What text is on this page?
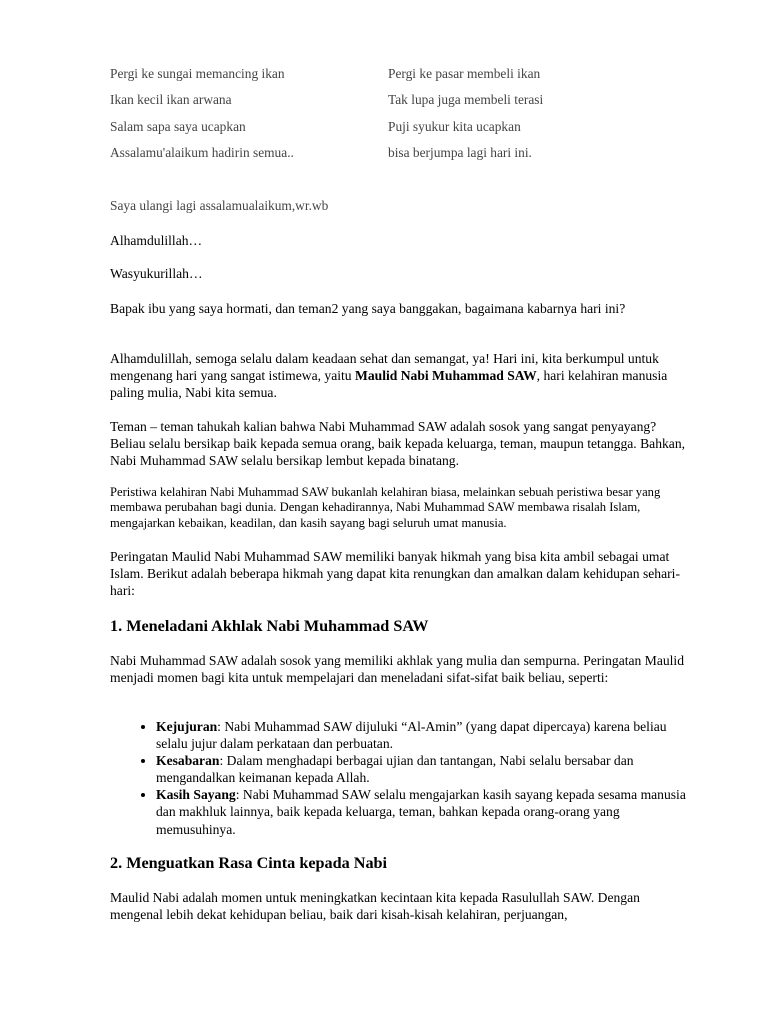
Pergi ke sungai memancing ikan	Pergi ke pasar membeli ikan
Ikan kecil ikan arwana	Tak lupa juga membeli terasi
Salam sapa saya ucapkan	Puji syukur kita ucapkan
Assalamu'alaikum hadirin semua..	bisa berjumpa lagi hari ini.
Saya ulangi lagi assalamualaikum,wr.wb
Alhamdulillah…
Wasyukurillah…

Bapak ibu yang saya hormati, dan teman2 yang saya banggakan, bagaimana kabarnya hari ini?

Alhamdulillah, semoga selalu dalam keadaan sehat dan semangat, ya! Hari ini, kita berkumpul untuk mengenang hari yang sangat istimewa, yaitu Maulid Nabi Muhammad SAW, hari kelahiran manusia paling mulia, Nabi kita semua.

Teman – teman tahukah kalian bahwa Nabi Muhammad SAW adalah sosok yang sangat penyayang? Beliau selalu bersikap baik kepada semua orang, baik kepada keluarga, teman, maupun tetangga. Bahkan, Nabi Muhammad SAW selalu bersikap lembut kepada binatang.

Peristiwa kelahiran Nabi Muhammad SAW bukanlah kelahiran biasa, melainkan sebuah peristiwa besar yang membawa perubahan bagi dunia. Dengan kehadirannya, Nabi Muhammad SAW membawa risalah Islam, mengajarkan kebaikan, keadilan, dan kasih sayang bagi seluruh umat manusia.

Peringatan Maulid Nabi Muhammad SAW memiliki banyak hikmah yang bisa kita ambil sebagai umat Islam. Berikut adalah beberapa hikmah yang dapat kita renungkan dan amalkan dalam kehidupan sehari-hari:

1. Meneladani Akhlak Nabi Muhammad SAW

Nabi Muhammad SAW adalah sosok yang memiliki akhlak yang mulia dan sempurna. Peringatan Maulid menjadi momen bagi kita untuk mempelajari dan meneladani sifat-sifat baik beliau, seperti:

• Kejujuran: Nabi Muhammad SAW dijuluki “Al-Amin” (yang dapat dipercaya) karena beliau selalu jujur dalam perkataan dan perbuatan.
• Kesabaran: Dalam menghadapi berbagai ujian dan tantangan, Nabi selalu bersabar dan mengandalkan keimanan kepada Allah.
• Kasih Sayang: Nabi Muhammad SAW selalu mengajarkan kasih sayang kepada sesama manusia dan makhluk lainnya, baik kepada keluarga, teman, bahkan kepada orang-orang yang memusuhinya.
2. Menguatkan Rasa Cinta kepada Nabi

Maulid Nabi adalah momen untuk meningkatkan kecintaan kita kepada Rasulullah SAW. Dengan mengenal lebih dekat kehidupan beliau, baik dari kisah-kisah kelahiran, perjuangan,
